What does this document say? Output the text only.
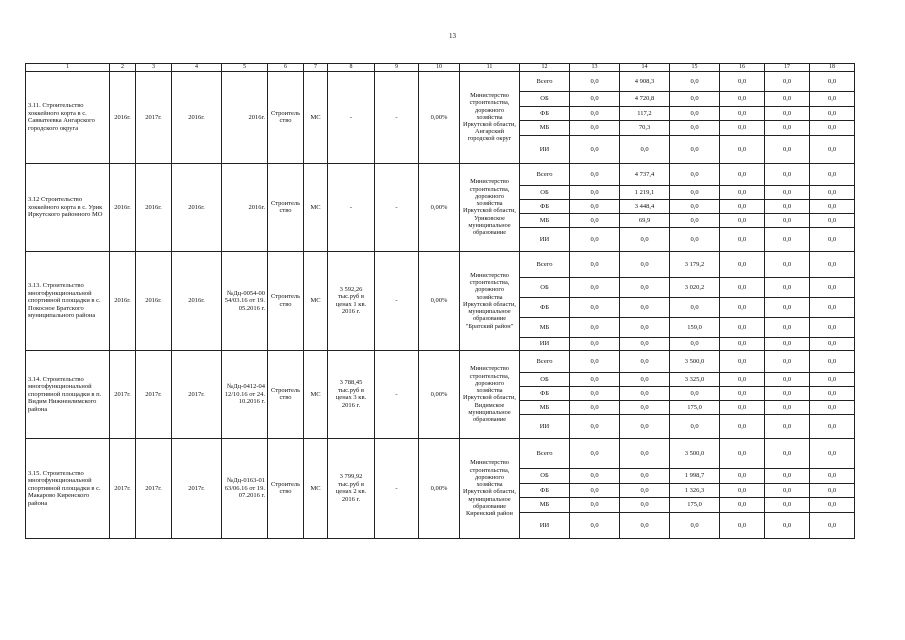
13
1	2	3	4	5	6	7	8	9	10	11	12	13	14	15	16	17	18
3.11. Строительство хоккейного корта в с. Савватеевка Ангарского городского округа	2016г.	2017г.	2016г.	2016г.	Строительство	МС	-	-	0,00%	Министерство строительства, дорожного хозяйства Иркутской области, Ангарский городской округ	Всего	0,0	4 908,3	0,0	0,0	0,0	0,0
											ОБ	0,0	4 720,8	0,0	0,0	0,0	0,0
											ФБ	0,0	117,2	0,0	0,0	0,0	0,0
											МБ	0,0	70,3	0,0	0,0	0,0	0,0
											ИИ	0,0	0,0	0,0	0,0	0,0	0,0
3.12 Строительство хоккейного корта в с. Урик Иркутского районного МО	2016г.	2016г.	2016г.	2016г.	Строительство	МС	-	-	0,00%	Министерство строительства, дорожного хозяйства Иркутской области, Уриковское муниципальное образование	Всего	0,0	4 737,4	0,0	0,0	0,0	0,0
											ОБ	0,0	1 219,1	0,0	0,0	0,0	0,0
											ФБ	0,0	3 448,4	0,0	0,0	0,0	0,0
											МБ	0,0	69,9	0,0	0,0	0,0	0,0
											ИИ	0,0	0,0	0,0	0,0	0,0	0,0
3.13. Строительство многофункциональной спортивной площадки в с. Покосное Братского муниципального района	2016г.	2016г.	2016г.	№Дц-0054-0054/03.16 от 19.05.2016 г.	Строительство	МС	3 592,26 тыс.руб в ценах 1 кв. 2016 г.	-	0,00%	Министерство строительства, дорожного хозяйства Иркутской области, муниципальное образование "Братский район"	Всего	0,0	0,0	3 179,2	0,0	0,0	0,0
											ОБ	0,0	0,0	3 020,2	0,0	0,0	0,0
											ФБ	0,0	0,0	0,0	0,0	0,0	0,0
											МБ	0,0	0,0	159,0	0,0	0,0	0,0
											ИИ	0,0	0,0	0,0	0,0	0,0	0,0
3.14. Строительство многофункциональной спортивной площадки в п. Видим Нижнеилимского района	2017г.	2017г.	2017г.	№Дц-0412-0412/10.16 от 24.10.2016 г.	Строительство	МС	3 788,45 тыс.руб в ценах 3 кв. 2016 г.	-	0,00%	Министерство строительства, дорожного хозяйства Иркутской области, Видимское муниципальное образование	Всего	0,0	0,0	3 500,0	0,0	0,0	0,0
											ОБ	0,0	0,0	3 325,0	0,0	0,0	0,0
											ФБ	0,0	0,0	0,0	0,0	0,0	0,0
											МБ	0,0	0,0	175,0	0,0	0,0	0,0
											ИИ	0,0	0,0	0,0	0,0	0,0	0,0
3.15. Строительство многофункциональной спортивной площадки в с. Макарово Киренского района	2017г.	2017г.	2017г.	№Дц-0163-0163/06.16 от 19.07.2016 г.	Строительство	МС	3 799,92 тыс.руб в ценах 2 кв. 2016 г.	-	0,00%	Министерство строительства, дорожного хозяйства Иркутской области, муниципальное образование Киренский район	Всего	0,0	0,0	3 500,0	0,0	0,0	0,0
											ОБ	0,0	0,0	1 998,7	0,0	0,0	0,0
											ФБ	0,0	0,0	1 326,3	0,0	0,0	0,0
											МБ	0,0	0,0	175,0	0,0	0,0	0,0
											ИИ	0,0	0,0	0,0	0,0	0,0	0,0
